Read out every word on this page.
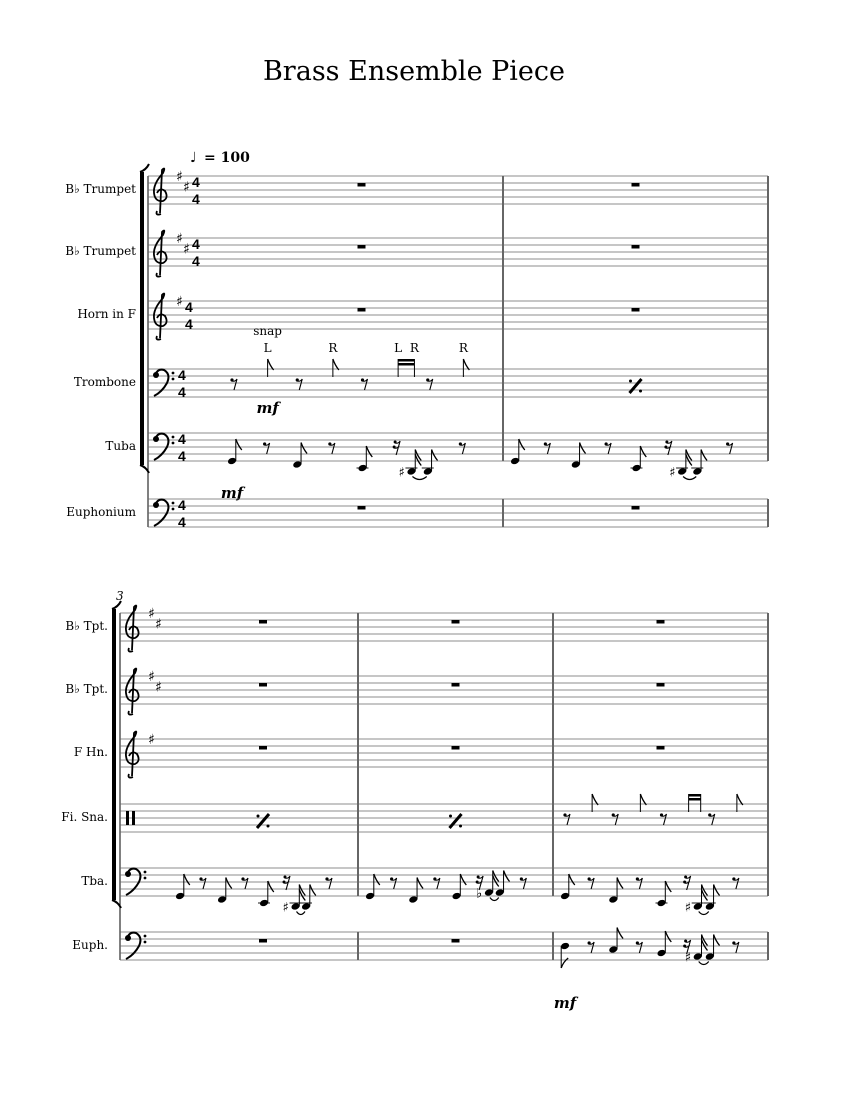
Brass Ensemble Piece
♩ = 100
3
B♭ Trumpet
♯
♯ 4
4
B♭ Trumpet
♯
♯ 4
4
Horn in F
♯ 4
4
Trombone	4
4
L
snap
mf
R	L R	R
Tuba	4
4
mf
♯	♯
Euphonium	4
4
B♭ Tpt.
♯
♯
B♭ Tpt.
♯
♯
F Hn.
♯
Fi. Sna.
Tba.
♯
♭
♯
Euph.
mf
♯
